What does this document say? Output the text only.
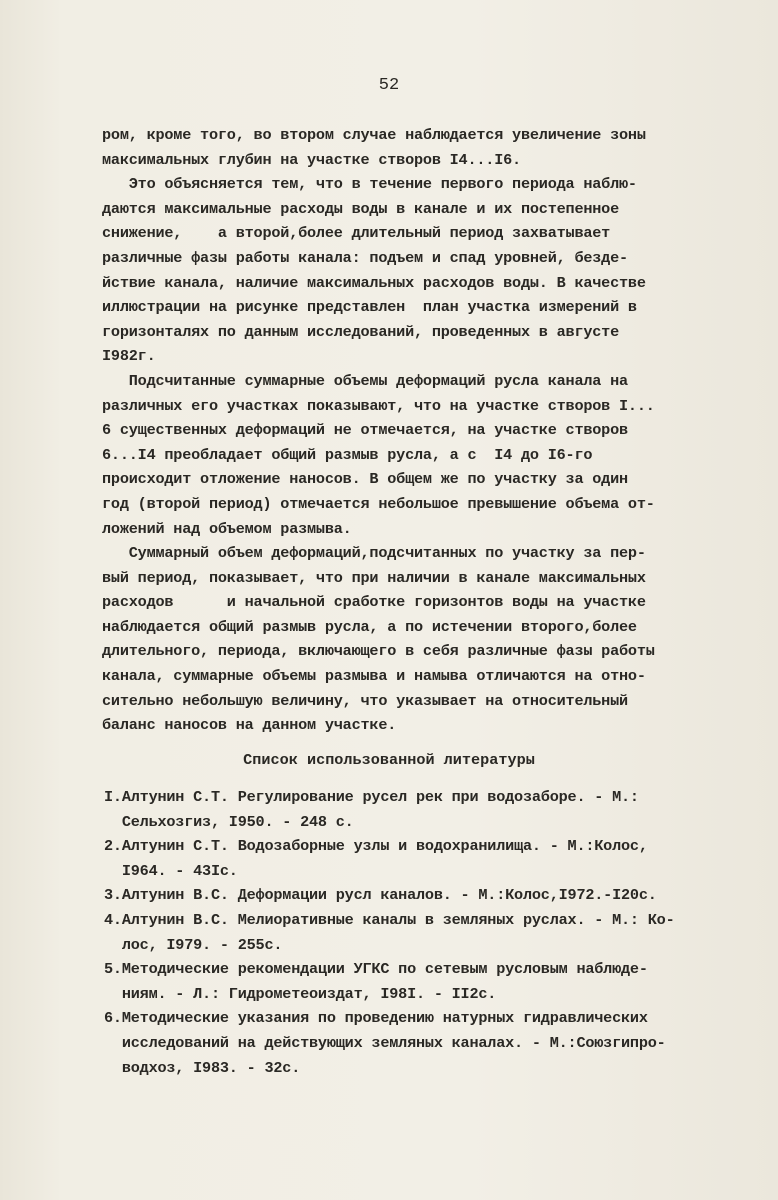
52
ром, кроме того, во втором случае наблюдается увеличение зоны
максимальных глубин на участке створов I4...I6.
Это объясняется тем, что в течение первого периода наблю-
даются максимальные расходы воды в канале и их постепенное
снижение,    а второй,более длительный период захватывает
различные фазы работы канала: подъем и спад уровней, безде-
йствие канала, наличие максимальных расходов воды. В качестве
иллюстрации на рисунке представлен  план участка измерений в
горизонталях по данным исследований, проведенных в августе
I982г.
Подсчитанные суммарные объемы деформаций русла канала на
различных его участках показывают, что на участке створов I...
6 существенных деформаций не отмечается, на участке створов
6...I4 преобладает общий размыв русла, а с  I4 до I6-го
происходит отложение наносов. В общем же по участку за один
год (второй период) отмечается небольшое превышение объема от-
ложений над объемом размыва.
Суммарный объем деформаций,подсчитанных по участку за пер-
вый период, показывает, что при наличии в канале максимальных
расходов      и начальной сработке горизонтов воды на участке
наблюдается общий размыв русла, а по истечении второго,более
длительного, периода, включающего в себя различные фазы работы
канала, суммарные объемы размыва и намыва отличаются на отно-
сительно небольшую величину, что указывает на относительный
баланс наносов на данном участке.
Список использованной литературы
I.Алтунин С.Т. Регулирование русел рек при водозаборе. - М.:
Сельхозгиз, I950. - 248 с.
2.Алтунин С.Т. Водозаборные узлы и водохранилища. - М.:Колос,
I964. - 43Iс.
3.Алтунин В.С. Деформации русл каналов. - М.:Колос,I972.-I20с.
4.Алтунин В.С. Мелиоративные каналы в земляных руслах. - М.: Ко-
лос, I979. - 255с.
5.Методические рекомендации УГКС по сетевым русловым наблюде-
ниям. - Л.: Гидрометеоиздат, I98I. - II2с.
6.Методические указания по проведению натурных гидравлических
исследований на действующих земляных каналах. - М.:Союзгипро-
водхоз, I983. - 32с.
